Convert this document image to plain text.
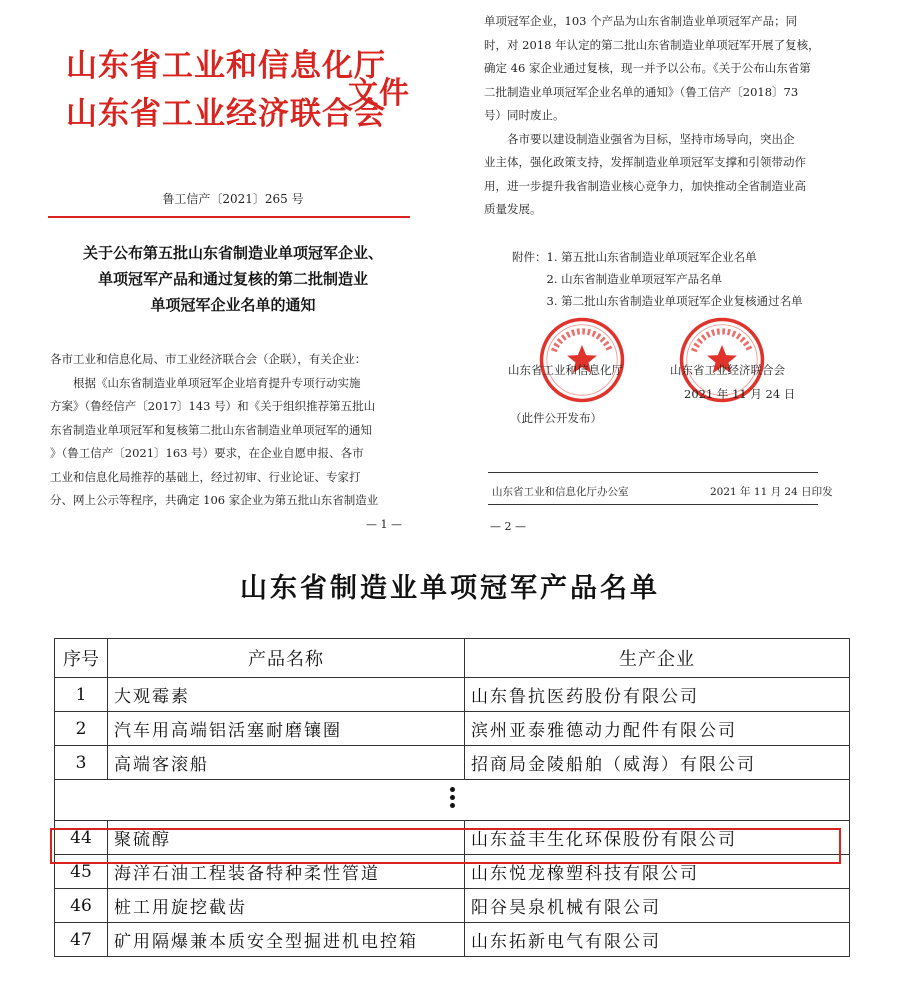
山东省工业和信息化厅
山东省工业经济联合会
文件
鲁工信产〔2021〕265 号
关于公布第五批山东省制造业单项冠军企业、
单项冠军产品和通过复核的第二批制造业
单项冠军企业名单的通知
各市工业和信息化局、市工业经济联合会（企联），有关企业：
　　根据《山东省制造业单项冠军企业培育提升专项行动实施
方案》（鲁经信产〔2017〕143 号）和《关于组织推荐第五批山
东省制造业单项冠军和复核第二批山东省制造业单项冠军的通知
》（鲁工信产〔2021〕163 号）要求，在企业自愿申报、各市
工业和信息化局推荐的基础上，经过初审、行业论证、专家打
分、网上公示等程序，共确定 106 家企业为第五批山东省制造业
— 1 —
单项冠军企业，103 个产品为山东省制造业单项冠军产品；同
时，对 2018 年认定的第二批山东省制造业单项冠军开展了复核，
确定 46 家企业通过复核，现一并予以公布。《关于公布山东省第
二批制造业单项冠军企业名单的通知》（鲁工信产〔2018〕73
号）同时废止。
　　各市要以建设制造业强省为目标，坚持市场导向，突出企
业主体，强化政策支持，发挥制造业单项冠军支撑和引领带动作
用，进一步提升我省制造业核心竞争力，加快推动全省制造业高
质量发展。
附件：1. 第五批山东省制造业单项冠军企业名单
　　　2. 山东省制造业单项冠军产品名单
　　　3. 第二批山东省制造业单项冠军企业复核通过名单
山东省工业和信息化厅	山东省工业经济联合会
2021 年 11 月 24 日
（此件公开发布）
山东省工业和信息化厅办公室	2021 年 11 月 24 日印发
— 2 —
山东省制造业单项冠军产品名单
序号	产品名称	生产企业
1	大观霉素	山东鲁抗医药股份有限公司
2	汽车用高端铝活塞耐磨镶圈	滨州亚泰雅德动力配件有限公司
3	高端客滚船	招商局金陵船舶（威海）有限公司

44	聚硫醇	山东益丰生化环保股份有限公司
45	海洋石油工程装备特种柔性管道	山东悦龙橡塑科技有限公司
46	桩工用旋挖截齿	阳谷昊泉机械有限公司
47	矿用隔爆兼本质安全型掘进机电控箱	山东拓新电气有限公司
